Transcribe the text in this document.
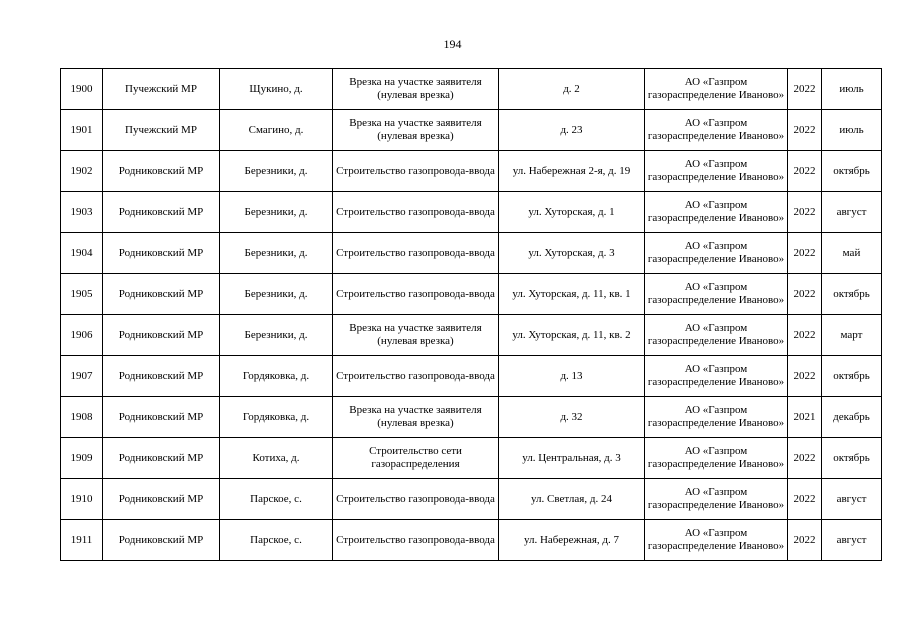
194
1900	Пучежский МР	Щукино, д.	Врезка на участке заявителя (нулевая врезка)	д. 2	АО «Газпром газораспределение Иваново»	2022	июль
1901	Пучежский МР	Смагино, д.	Врезка на участке заявителя (нулевая врезка)	д. 23	АО «Газпром газораспределение Иваново»	2022	июль
1902	Родниковский МР	Березники, д.	Строительство газопровода-ввода	ул. Набережная 2-я, д. 19	АО «Газпром газораспределение Иваново»	2022	октябрь
1903	Родниковский МР	Березники, д.	Строительство газопровода-ввода	ул. Хуторская, д. 1	АО «Газпром газораспределение Иваново»	2022	август
1904	Родниковский МР	Березники, д.	Строительство газопровода-ввода	ул. Хуторская, д. 3	АО «Газпром газораспределение Иваново»	2022	май
1905	Родниковский МР	Березники, д.	Строительство газопровода-ввода	ул. Хуторская, д. 11, кв. 1	АО «Газпром газораспределение Иваново»	2022	октябрь
1906	Родниковский МР	Березники, д.	Врезка на участке заявителя (нулевая врезка)	ул. Хуторская, д. 11, кв. 2	АО «Газпром газораспределение Иваново»	2022	март
1907	Родниковский МР	Гордяковка, д.	Строительство газопровода-ввода	д. 13	АО «Газпром газораспределение Иваново»	2022	октябрь
1908	Родниковский МР	Гордяковка, д.	Врезка на участке заявителя (нулевая врезка)	д. 32	АО «Газпром газораспределение Иваново»	2021	декабрь
1909	Родниковский МР	Котиха, д.	Строительство сети газораспределения	ул. Центральная, д. 3	АО «Газпром газораспределение Иваново»	2022	октябрь
1910	Родниковский МР	Парское, с.	Строительство газопровода-ввода	ул. Светлая, д. 24	АО «Газпром газораспределение Иваново»	2022	август
1911	Родниковский МР	Парское, с.	Строительство газопровода-ввода	ул. Набережная, д. 7	АО «Газпром газораспределение Иваново»	2022	август
